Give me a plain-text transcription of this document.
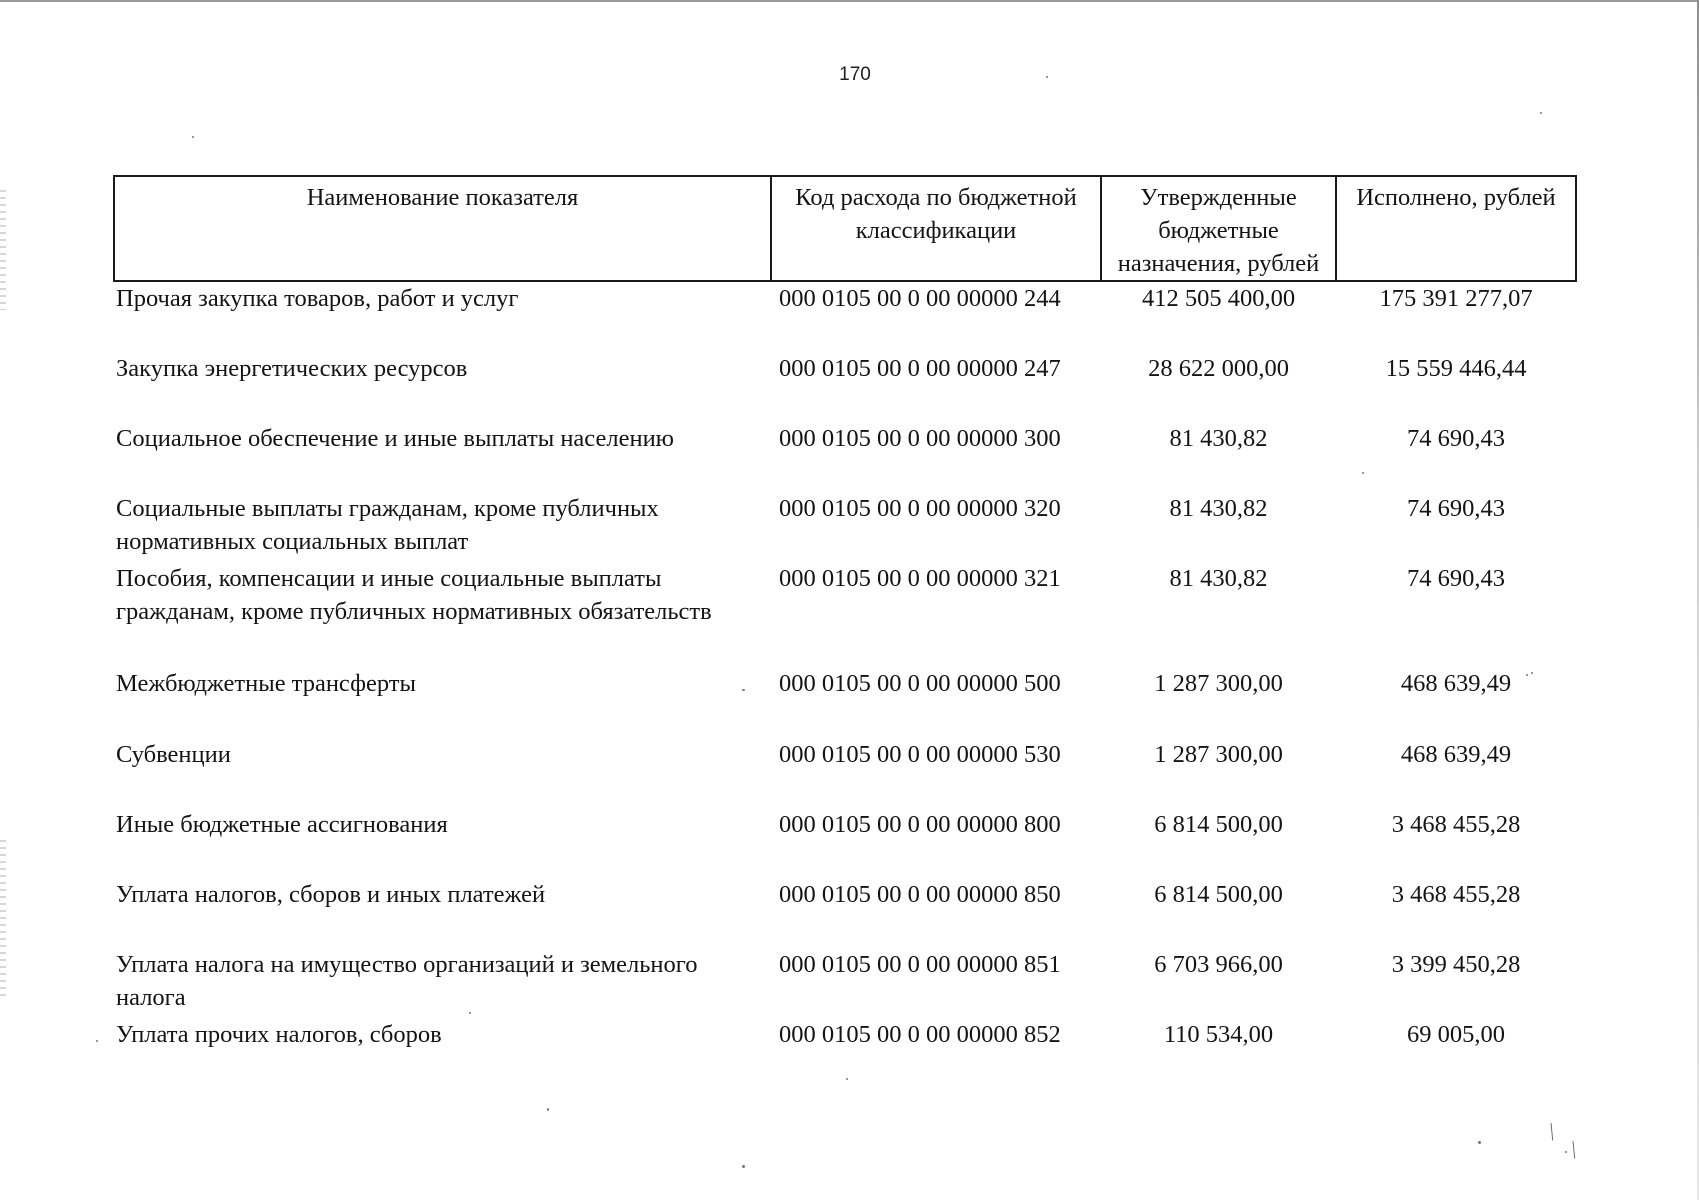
⟍
⟍
170
Наименование показателя	Код расхода по бюджетной классификации	Утвержденные бюджетные назначения, рублей	Исполнено, рублей
Прочая закупка товаров, работ и услуг	000 0105 00 0 00 00000 244	412 505 400,00	175 391 277,07
Закупка энергетических ресурсов	000 0105 00 0 00 00000 247	28 622 000,00	15 559 446,44
Социальное обеспечение и иные выплаты населению	000 0105 00 0 00 00000 300	81 430,82	74 690,43
Социальные выплаты гражданам, кроме публичных нормативных социальных выплат	000 0105 00 0 00 00000 320	81 430,82	74 690,43
Пособия, компенсации и иные социальные выплаты гражданам, кроме публичных нормативных обязательств	000 0105 00 0 00 00000 321	81 430,82	74 690,43
Межбюджетные трансферты	000 0105 00 0 00 00000 500	1 287 300,00	468 639,49
Субвенции	000 0105 00 0 00 00000 530	1 287 300,00	468 639,49
Иные бюджетные ассигнования	000 0105 00 0 00 00000 800	6 814 500,00	3 468 455,28
Уплата налогов, сборов и иных платежей	000 0105 00 0 00 00000 850	6 814 500,00	3 468 455,28
Уплата налога на имущество организаций и земельного налога	000 0105 00 0 00 00000 851	6 703 966,00	3 399 450,28
Уплата прочих налогов, сборов	000 0105 00 0 00 00000 852	110 534,00	69 005,00
